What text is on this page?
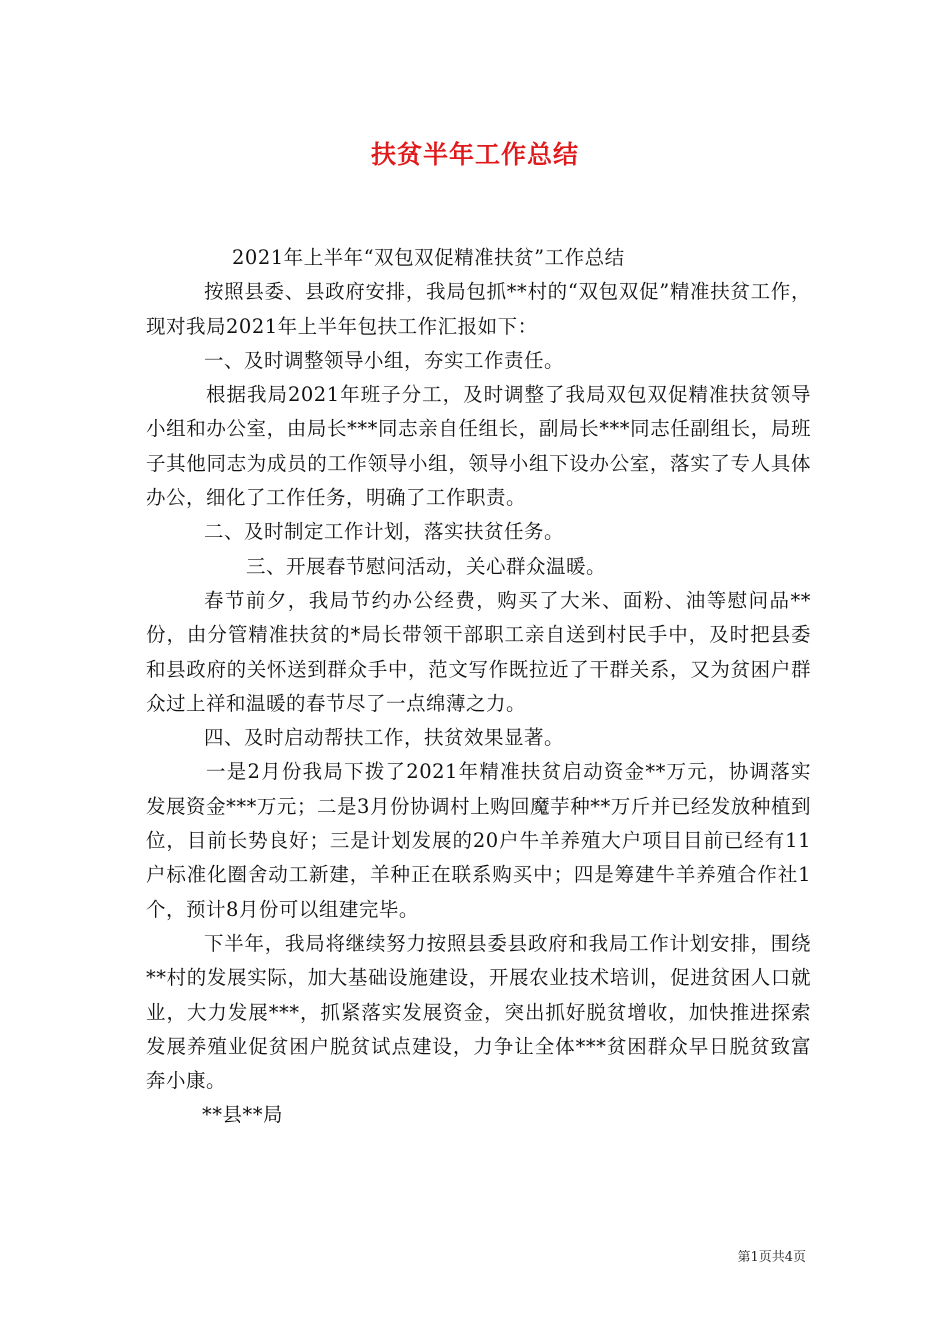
扶贫半年工作总结

2021年上半年“双包双促精准扶贫”工作总结

按照县委、县政府安排，我局包抓**村的“双包双促”精准扶贫工作，现对我局2021年上半年包扶工作汇报如下：

一、及时调整领导小组，夯实工作责任。

根据我局2021年班子分工，及时调整了我局双包双促精准扶贫领导小组和办公室，由局长***同志亲自任组长，副局长***同志任副组长，局班子其他同志为成员的工作领导小组，领导小组下设办公室，落实了专人具体办公，细化了工作任务，明确了工作职责。

二、及时制定工作计划，落实扶贫任务。

三、开展春节慰问活动，关心群众温暖。

春节前夕，我局节约办公经费，购买了大米、面粉、油等慰问品**份，由分管精准扶贫的*局长带领干部职工亲自送到村民手中，及时把县委和县政府的关怀送到群众手中，范文写作既拉近了干群关系，又为贫困户群众过上祥和温暖的春节尽了一点绵薄之力。

四、及时启动帮扶工作，扶贫效果显著。

一是2月份我局下拨了2021年精准扶贫启动资金**万元，协调落实发展资金***万元；二是3月份协调村上购回魔芋种**万斤并已经发放种植到位，目前长势良好；三是计划发展的20户牛羊养殖大户项目目前已经有11户标准化圈舍动工新建，羊种正在联系购买中；四是筹建牛羊养殖合作社1个，预计8月份可以组建完毕。

下半年，我局将继续努力按照县委县政府和我局工作计划安排，围绕**村的发展实际，加大基础设施建设，开展农业技术培训，促进贫困人口就业，大力发展***，抓紧落实发展资金，突出抓好脱贫增收，加快推进探索发展养殖业促贫困户脱贫试点建设，力争让全体***贫困群众早日脱贫致富奔小康。

**县**局

第1页共4页
